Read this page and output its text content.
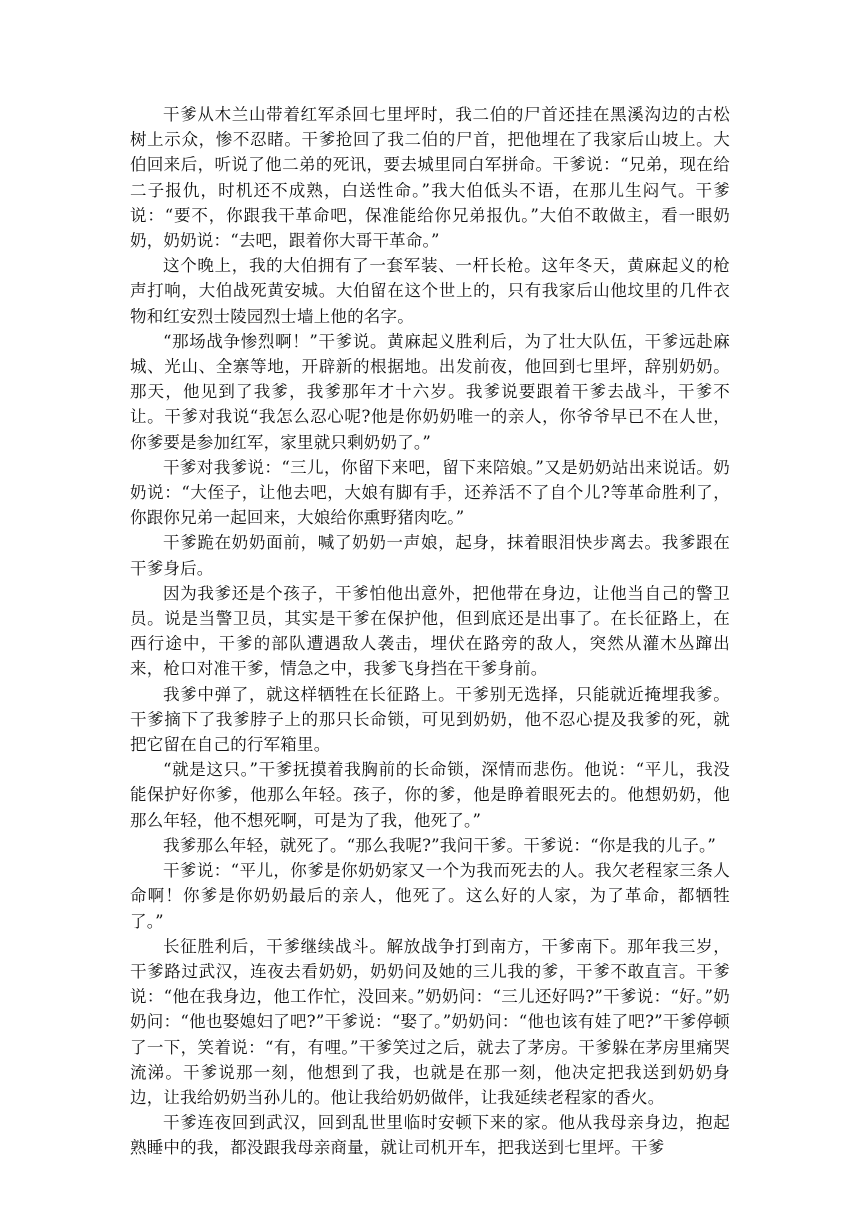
干爹从木兰山带着红军杀回七里坪时，我二伯的尸首还挂在黑溪沟边的古松树上示众，惨不忍睹。干爹抢回了我二伯的尸首，把他埋在了我家后山坡上。大伯回来后，听说了他二弟的死讯，要去城里同白军拼命。干爹说：“兄弟，现在给二子报仇，时机还不成熟，白送性命。”我大伯低头不语，在那儿生闷气。干爹说：“要不，你跟我干革命吧，保准能给你兄弟报仇。”大伯不敢做主，看一眼奶奶，奶奶说：“去吧，跟着你大哥干革命。”

这个晚上，我的大伯拥有了一套军装、一杆长枪。这年冬天，黄麻起义的枪声打响，大伯战死黄安城。大伯留在这个世上的，只有我家后山他坟里的几件衣物和红安烈士陵园烈士墙上他的名字。

“那场战争惨烈啊！”干爹说。黄麻起义胜利后，为了壮大队伍，干爹远赴麻城、光山、全寨等地，开辟新的根据地。出发前夜，他回到七里坪，辞别奶奶。那天，他见到了我爹，我爹那年才十六岁。我爹说要跟着干爹去战斗，干爹不让。干爹对我说“我怎么忍心呢?他是你奶奶唯一的亲人，你爷爷早已不在人世，你爹要是参加红军，家里就只剩奶奶了。”

干爹对我爹说：“三儿，你留下来吧，留下来陪娘。”又是奶奶站出来说话。奶奶说：“大侄子，让他去吧，大娘有脚有手，还养活不了自个儿?等革命胜利了，你跟你兄弟一起回来，大娘给你熏野猪肉吃。”

干爹跪在奶奶面前，喊了奶奶一声娘，起身，抹着眼泪快步离去。我爹跟在干爹身后。

因为我爹还是个孩子，干爹怕他出意外，把他带在身边，让他当自己的警卫员。说是当警卫员，其实是干爹在保护他，但到底还是出事了。在长征路上，在西行途中，干爹的部队遭遇敌人袭击，埋伏在路旁的敌人，突然从灌木丛蹿出来，枪口对准干爹，情急之中，我爹飞身挡在干爹身前。

我爹中弹了，就这样牺牲在长征路上。干爹别无选择，只能就近掩埋我爹。干爹摘下了我爹脖子上的那只长命锁，可见到奶奶，他不忍心提及我爹的死，就把它留在自己的行军箱里。

“就是这只。”干爹抚摸着我胸前的长命锁，深情而悲伤。他说：“平儿，我没能保护好你爹，他那么年轻。孩子，你的爹，他是睁着眼死去的。他想奶奶，他那么年轻，他不想死啊，可是为了我，他死了。”

我爹那么年轻，就死了。“那么我呢?”我问干爹。干爹说：“你是我的儿子。”

干爹说：“平儿，你爹是你奶奶家又一个为我而死去的人。我欠老程家三条人命啊！你爹是你奶奶最后的亲人，他死了。这么好的人家，为了革命，都牺牲了。”

长征胜利后，干爹继续战斗。解放战争打到南方，干爹南下。那年我三岁，干爹路过武汉，连夜去看奶奶，奶奶问及她的三儿我的爹，干爹不敢直言。干爹说：“他在我身边，他工作忙，没回来。”奶奶问：“三儿还好吗?”干爹说：“好。”奶奶问：“他也娶媳妇了吧?”干爹说：“娶了。”奶奶问：“他也该有娃了吧?”干爹停顿了一下，笑着说：“有，有哩。”干爹笑过之后，就去了茅房。干爹躲在茅房里痛哭流涕。干爹说那一刻，他想到了我，也就是在那一刻，他决定把我送到奶奶身边，让我给奶奶当孙儿的。他让我给奶奶做伴，让我延续老程家的香火。

干爹连夜回到武汉，回到乱世里临时安顿下来的家。他从我母亲身边，抱起熟睡中的我，都没跟我母亲商量，就让司机开车，把我送到七里坪。干爹
